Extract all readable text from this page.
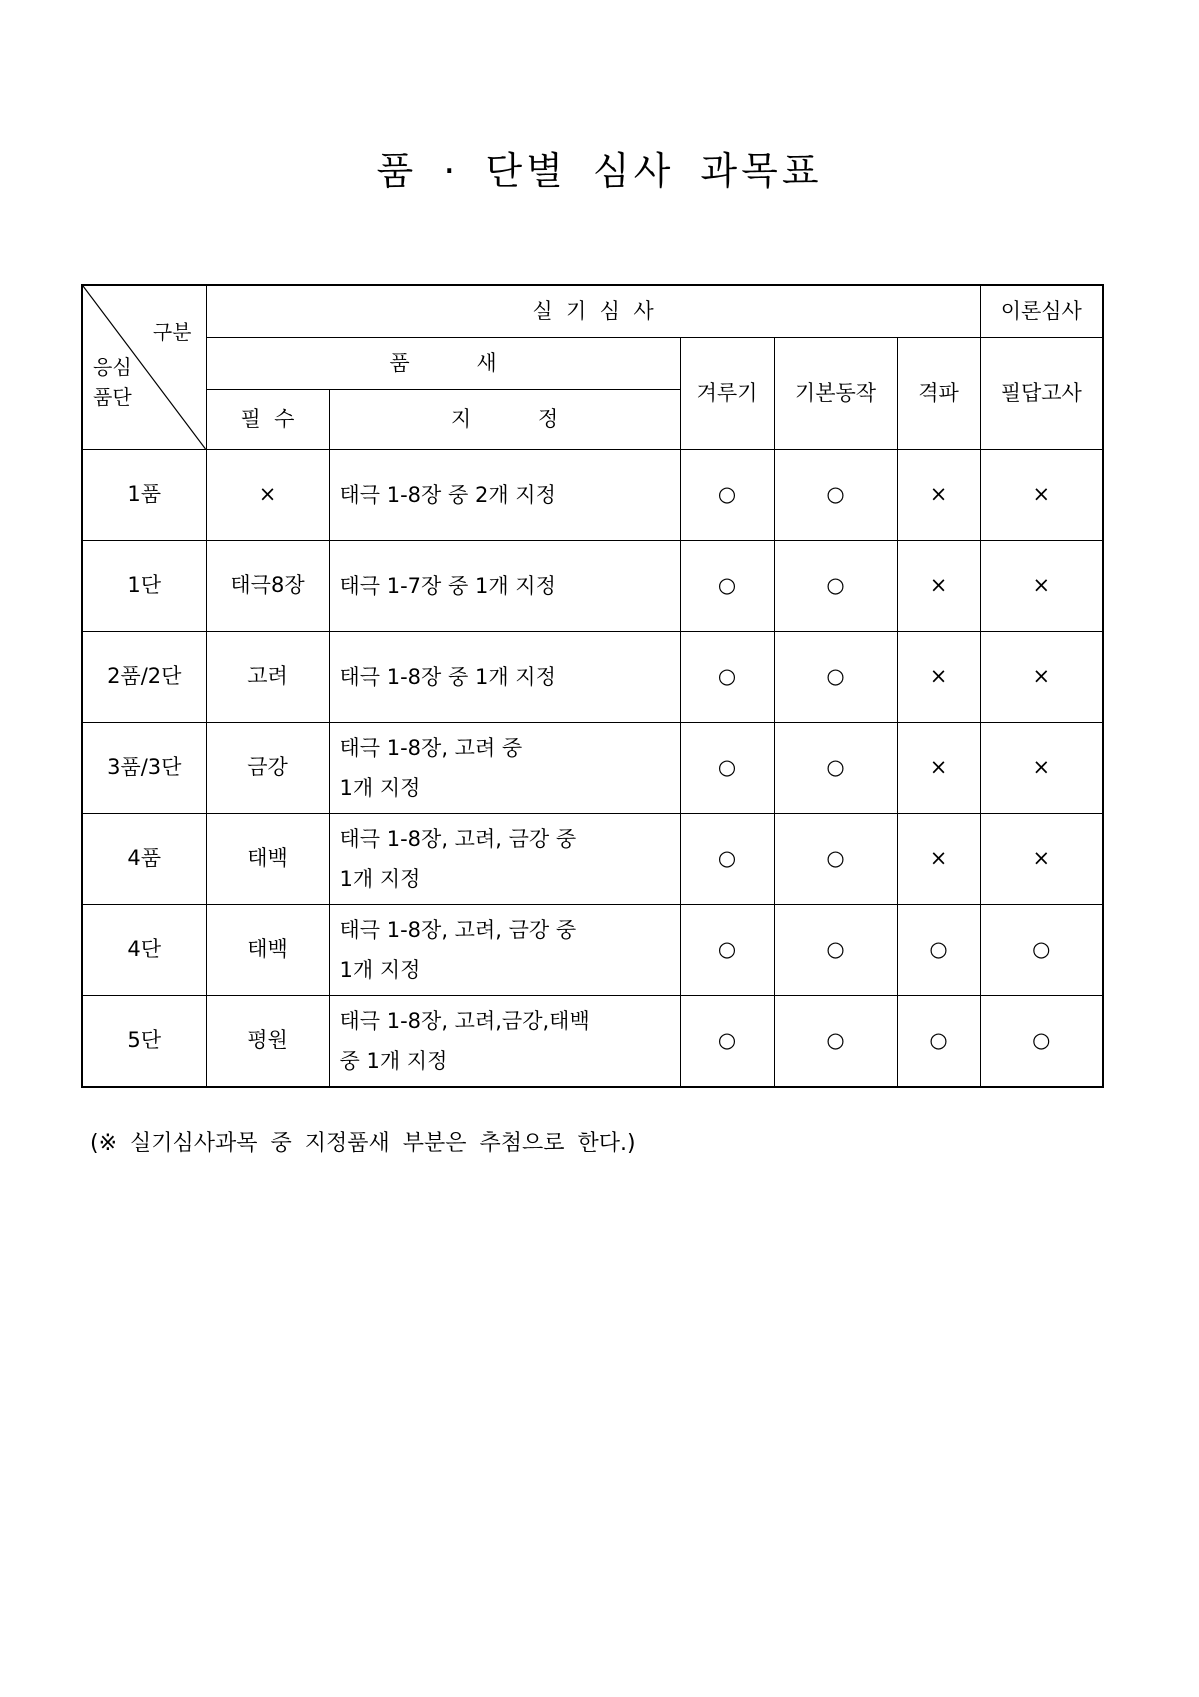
품 · 단별 심사 과목표
구분
응심
품단	실  기  심  사					이론심사
	품          새		겨루기	기본동작	격파	필답고사
	필  수	지          정				
1품	×	태극 1-8장 중 2개 지정	○	○	×	×
1단	태극8장	태극 1-7장 중 1개 지정	○	○	×	×
2품/2단	고려	태극 1-8장 중 1개 지정	○	○	×	×
3품/3단	금강	태극 1-8장, 고려 중
1개 지정	○	○	×	×
4품	태백	태극 1-8장, 고려, 금강 중
1개 지정	○	○	×	×
4단	태백	태극 1-8장, 고려, 금강 중
1개 지정	○	○	○	○
5단	평원	태극 1-8장, 고려,금강,태백
중 1개 지정	○	○	○	○
(※ 실기심사과목 중 지정품새 부분은 추첨으로 한다.)
